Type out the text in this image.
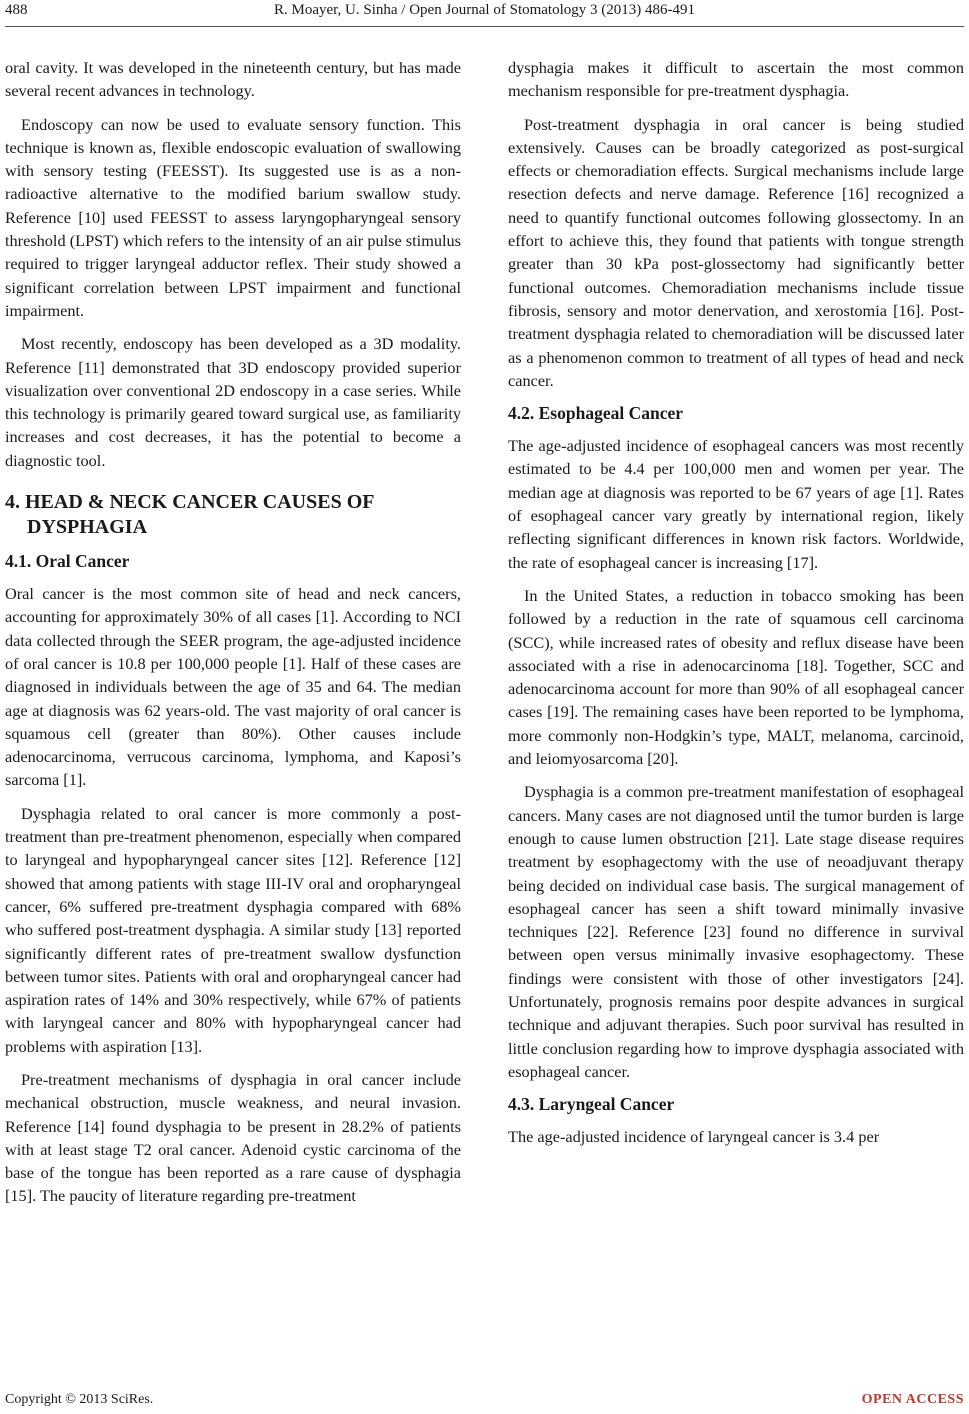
488	R. Moayer, U. Sinha / Open Journal of Stomatology 3 (2013) 486-491

oral cavity. It was developed in the nineteenth century, but has made several recent advances in technology.

Endoscopy can now be used to evaluate sensory function. This technique is known as, flexible endoscopic evaluation of swallowing with sensory testing (FEESST). Its suggested use is as a non-radioactive alternative to the modified barium swallow study. Reference [10] used FEESST to assess laryngopharyngeal sensory threshold (LPST) which refers to the intensity of an air pulse stimulus required to trigger laryngeal adductor reflex. Their study showed a significant correlation between LPST impairment and functional impairment.

Most recently, endoscopy has been developed as a 3D modality. Reference [11] demonstrated that 3D endoscopy provided superior visualization over conventional 2D endoscopy in a case series. While this technology is primarily geared toward surgical use, as familiarity increases and cost decreases, it has the potential to become a diagnostic tool.

4. HEAD & NECK CANCER CAUSES OF DYSPHAGIA
4.1. Oral Cancer

Oral cancer is the most common site of head and neck cancers, accounting for approximately 30% of all cases [1]. According to NCI data collected through the SEER program, the age-adjusted incidence of oral cancer is 10.8 per 100,000 people [1]. Half of these cases are diagnosed in individuals between the age of 35 and 64. The median age at diagnosis was 62 years-old. The vast majority of oral cancer is squamous cell (greater than 80%). Other causes include adenocarcinoma, verrucous carcinoma, lymphoma, and Kaposi’s sarcoma [1].

Dysphagia related to oral cancer is more commonly a post-treatment than pre-treatment phenomenon, especially when compared to laryngeal and hypopharyngeal cancer sites [12]. Reference [12] showed that among patients with stage III-IV oral and oropharyngeal cancer, 6% suffered pre-treatment dysphagia compared with 68% who suffered post-treatment dysphagia. A similar study [13] reported significantly different rates of pre-treatment swallow dysfunction between tumor sites. Patients with oral and oropharyngeal cancer had aspiration rates of 14% and 30% respectively, while 67% of patients with laryngeal cancer and 80% with hypopharyngeal cancer had problems with aspiration [13].

Pre-treatment mechanisms of dysphagia in oral cancer include mechanical obstruction, muscle weakness, and neural invasion. Reference [14] found dysphagia to be present in 28.2% of patients with at least stage T2 oral cancer. Adenoid cystic carcinoma of the base of the tongue has been reported as a rare cause of dysphagia [15]. The paucity of literature regarding pre-treatment

dysphagia makes it difficult to ascertain the most common mechanism responsible for pre-treatment dysphagia.

Post-treatment dysphagia in oral cancer is being studied extensively. Causes can be broadly categorized as post-surgical effects or chemoradiation effects. Surgical mechanisms include large resection defects and nerve damage. Reference [16] recognized a need to quantify functional outcomes following glossectomy. In an effort to achieve this, they found that patients with tongue strength greater than 30 kPa post-glossectomy had significantly better functional outcomes. Chemoradiation mechanisms include tissue fibrosis, sensory and motor denervation, and xerostomia [16]. Post-treatment dysphagia related to chemoradiation will be discussed later as a phenomenon common to treatment of all types of head and neck cancer.

4.2. Esophageal Cancer

The age-adjusted incidence of esophageal cancers was most recently estimated to be 4.4 per 100,000 men and women per year. The median age at diagnosis was reported to be 67 years of age [1]. Rates of esophageal cancer vary greatly by international region, likely reflecting significant differences in known risk factors. Worldwide, the rate of esophageal cancer is increasing [17].

In the United States, a reduction in tobacco smoking has been followed by a reduction in the rate of squamous cell carcinoma (SCC), while increased rates of obesity and reflux disease have been associated with a rise in adenocarcinoma [18]. Together, SCC and adenocarcinoma account for more than 90% of all esophageal cancer cases [19]. The remaining cases have been reported to be lymphoma, more commonly non-Hodgkin’s type, MALT, melanoma, carcinoid, and leiomyosarcoma [20].

Dysphagia is a common pre-treatment manifestation of esophageal cancers. Many cases are not diagnosed until the tumor burden is large enough to cause lumen obstruction [21]. Late stage disease requires treatment by esophagectomy with the use of neoadjuvant therapy being decided on individual case basis. The surgical management of esophageal cancer has seen a shift toward minimally invasive techniques [22]. Reference [23] found no difference in survival between open versus minimally invasive esophagectomy. These findings were consistent with those of other investigators [24]. Unfortunately, prognosis remains poor despite advances in surgical technique and adjuvant therapies. Such poor survival has resulted in little conclusion regarding how to improve dysphagia associated with esophageal cancer.

4.3. Laryngeal Cancer

The age-adjusted incidence of laryngeal cancer is 3.4 per

Copyright © 2013 SciRes.	OPEN ACCESS
